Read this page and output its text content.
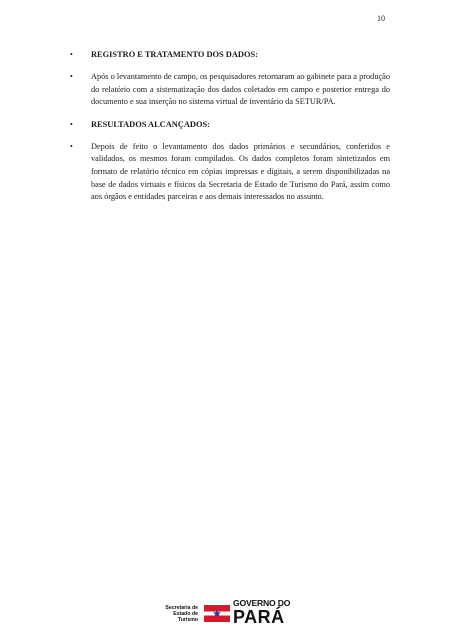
10
• REGISTRO E TRATAMENTO DOS DADOS:
• Após o levantamento de campo, os pesquisadores retornaram ao gabinete para a produção do relatório com a sistematização dos dados coletados em campo e posterior entrega do documento e sua inserção no sistema virtual de inventário da SETUR/PA.
• RESULTADOS ALCANÇADOS:
• Depois de feito o levantamento dos dados primários e secundários, conferidos e validados, os mesmos foram compilados. Os dados completos foram sintetizados em formato de relatório técnico em cópias impressas e digitais, a serem disponibilizadas na base de dados virtuais e físicos da Secretaria de Estado de Turismo do Pará, assim como aos órgãos e entidades parceiras e aos demais interessados no assunto.
Secretaria de
Estado de
Turismo
GOVERNO DO
PARÁ
